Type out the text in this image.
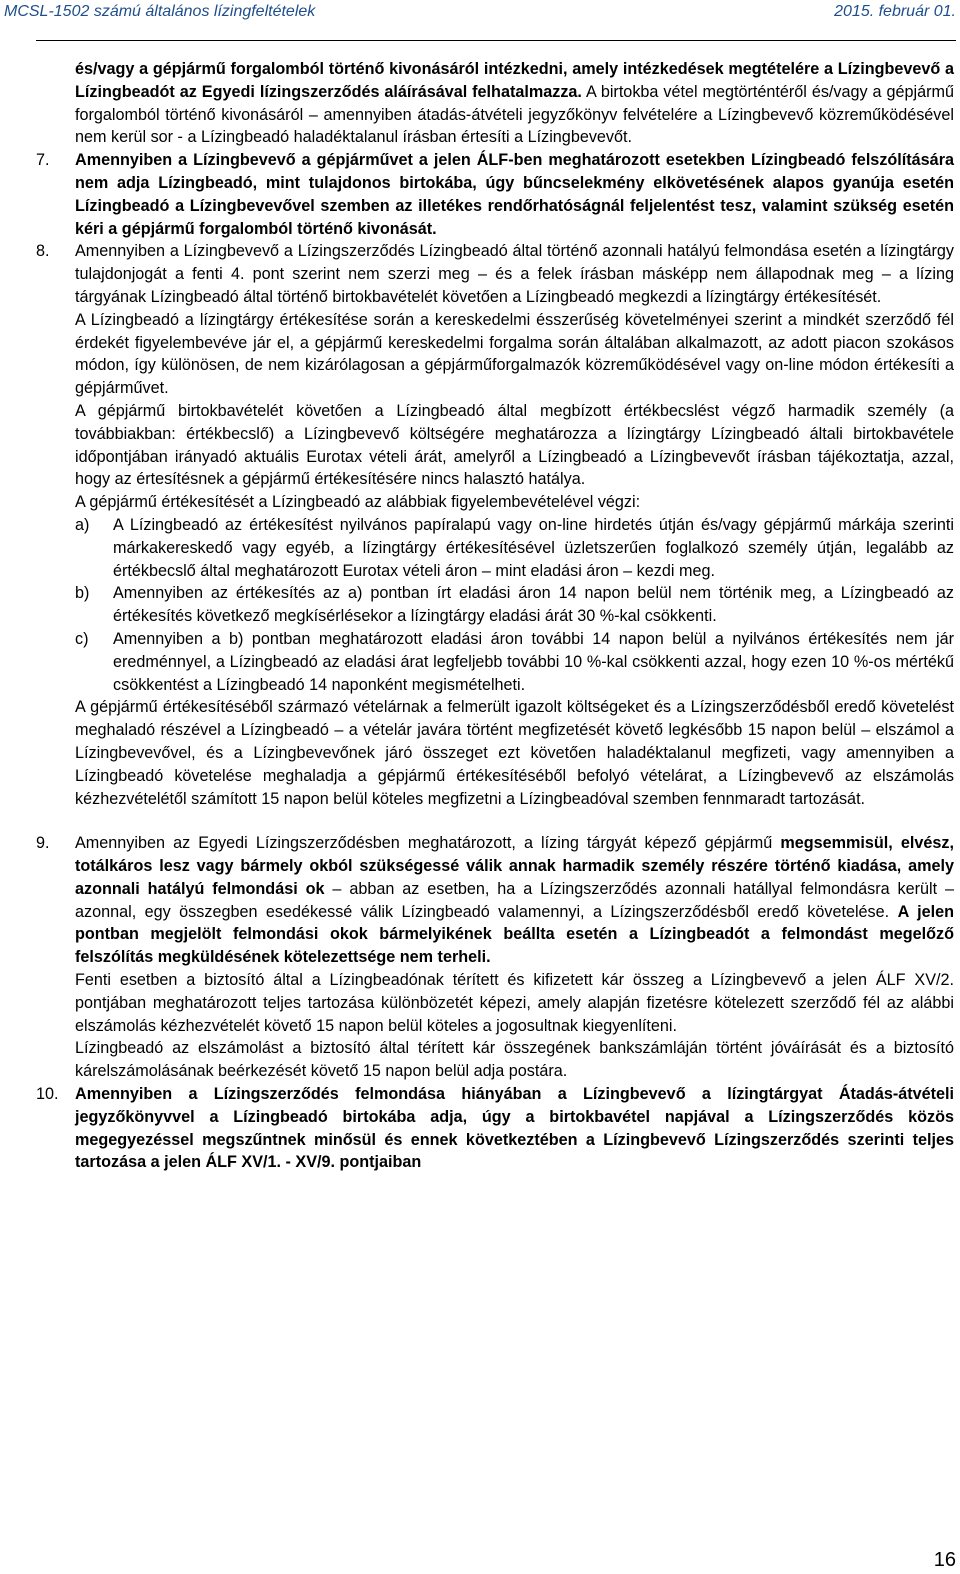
MCSL-1502 számú általános lízingfeltételek	2015. február 01.
és/vagy a gépjármű forgalomból történő kivonásáról intézkedni, amely intézkedések megtételére a Lízingbevevő a Lízingbeadót az Egyedi lízingszerződés aláírásával felhatalmazza. A birtokba vétel megtörténtéről és/vagy a gépjármű forgalomból történő kivonásáról – amennyiben átadás-átvételi jegyzőkönyv felvételére a Lízingbevevő közreműködésével nem kerül sor - a Lízingbeadó haladéktalanul írásban értesíti a Lízingbevevőt.
7.	Amennyiben a Lízingbevevő a gépjárművet a jelen ÁLF-ben meghatározott esetekben Lízingbeadó felszólítására nem adja Lízingbeadó, mint tulajdonos birtokába, úgy bűncselekmény elkövetésének alapos gyanúja esetén Lízingbeadó a Lízingbevevővel szemben az illetékes rendőrhatóságnál feljelentést tesz, valamint szükség esetén kéri a gépjármű forgalomból történő kivonását.
8.	Amennyiben a Lízingbevevő a Lízingszerződés Lízingbeadó által történő azonnali hatályú felmondása esetén a lízingtárgy tulajdonjogát a fenti 4. pont szerint nem szerzi meg – és a felek írásban másképp nem állapodnak meg – a lízing tárgyának Lízingbeadó által történő birtokbavételét követően a Lízingbeadó megkezdi a lízingtárgy értékesítését.
A Lízingbeadó a lízingtárgy értékesítése során a kereskedelmi ésszerűség követelményei szerint a mindkét szerződő fél érdekét figyelembevéve jár el, a gépjármű kereskedelmi forgalma során általában alkalmazott, az adott piacon szokásos módon, így különösen, de nem kizárólagosan a gépjárműforgalmazók közreműködésével vagy on-line módon értékesíti a gépjárművet.
A gépjármű birtokbavételét követően a Lízingbeadó által megbízott értékbecslést végző harmadik személy (a továbbiakban: értékbecslő) a Lízingbevevő költségére meghatározza a lízingtárgy Lízingbeadó általi birtokbavétele időpontjában irányadó aktuális Eurotax vételi árát, amelyről a Lízingbeadó a Lízingbevevőt írásban tájékoztatja, azzal, hogy az értesítésnek a gépjármű értékesítésére nincs halasztó hatálya.
A gépjármű értékesítését a Lízingbeadó az alábbiak figyelembevételével végzi:
a)	A Lízingbeadó az értékesítést nyilvános papíralapú vagy on-line hirdetés útján és/vagy gépjármű márkája szerinti márkakereskedő vagy egyéb, a lízingtárgy értékesítésével üzletszerűen foglalkozó személy útján, legalább az értékbecslő által meghatározott Eurotax vételi áron – mint eladási áron – kezdi meg.
b)	Amennyiben az értékesítés az a) pontban írt eladási áron 14 napon belül nem történik meg, a Lízingbeadó az értékesítés következő megkísérlésekor a lízingtárgy eladási árát 30 %-kal csökkenti.
c)	Amennyiben a b) pontban meghatározott eladási áron további 14 napon belül a nyilvános értékesítés nem jár eredménnyel, a Lízingbeadó az eladási árat legfeljebb további 10 %-kal csökkenti azzal, hogy ezen 10 %-os mértékű csökkentést a Lízingbeadó 14 naponként megismételheti.
A gépjármű értékesítéséből származó vételárnak a felmerült igazolt költségeket és a Lízingszerződésből eredő követelést meghaladó részével a Lízingbeadó – a vételár javára történt megfizetését követő legkésőbb 15 napon belül – elszámol a Lízingbevevővel, és a Lízingbevevőnek járó összeget ezt követően haladéktalanul megfizeti, vagy amennyiben a Lízingbeadó követelése meghaladja a gépjármű értékesítéséből befolyó vételárat, a Lízingbevevő az elszámolás kézhezvételétől számított 15 napon belül köteles megfizetni a Lízingbeadóval szemben fennmaradt tartozását.
9.	Amennyiben az Egyedi Lízingszerződésben meghatározott, a lízing tárgyát képező gépjármű megsemmisül, elvész, totálkáros lesz vagy bármely okból szükségessé válik annak harmadik személy részére történő kiadása, amely azonnali hatályú felmondási ok – abban az esetben, ha a Lízingszerződés azonnali hatállyal felmondásra került – azonnal, egy összegben esedékessé válik Lízingbeadó valamennyi, a Lízingszerződésből eredő követelése. A jelen pontban megjelölt felmondási okok bármelyikének beállta esetén a Lízingbeadót a felmondást megelőző felszólítás megküldésének kötelezettsége nem terheli.
Fenti esetben a biztosító által a Lízingbeadónak térített és kifizetett kár összeg a Lízingbevevő a jelen ÁLF XV/2. pontjában meghatározott teljes tartozása különbözetét képezi, amely alapján fizetésre kötelezett szerződő fél az alábbi elszámolás kézhezvételét követő 15 napon belül köteles a jogosultnak kiegyenlíteni.
Lízingbeadó az elszámolást a biztosító által térített kár összegének bankszámláján történt jóváírását és a biztosító kárelszámolásának beérkezését követő 15 napon belül adja postára.
10.	Amennyiben a Lízingszerződés felmondása hiányában a Lízingbevevő a lízingtárgyat Átadás-átvételi jegyzőkönyvvel a Lízingbeadó birtokába adja, úgy a birtokbavétel napjával a Lízingszerződés közös megegyezéssel megszűntnek minősül és ennek következtében a Lízingbevevő Lízingszerződés szerinti teljes tartozása a jelen ÁLF XV/1. - XV/9. pontjaiban
16
